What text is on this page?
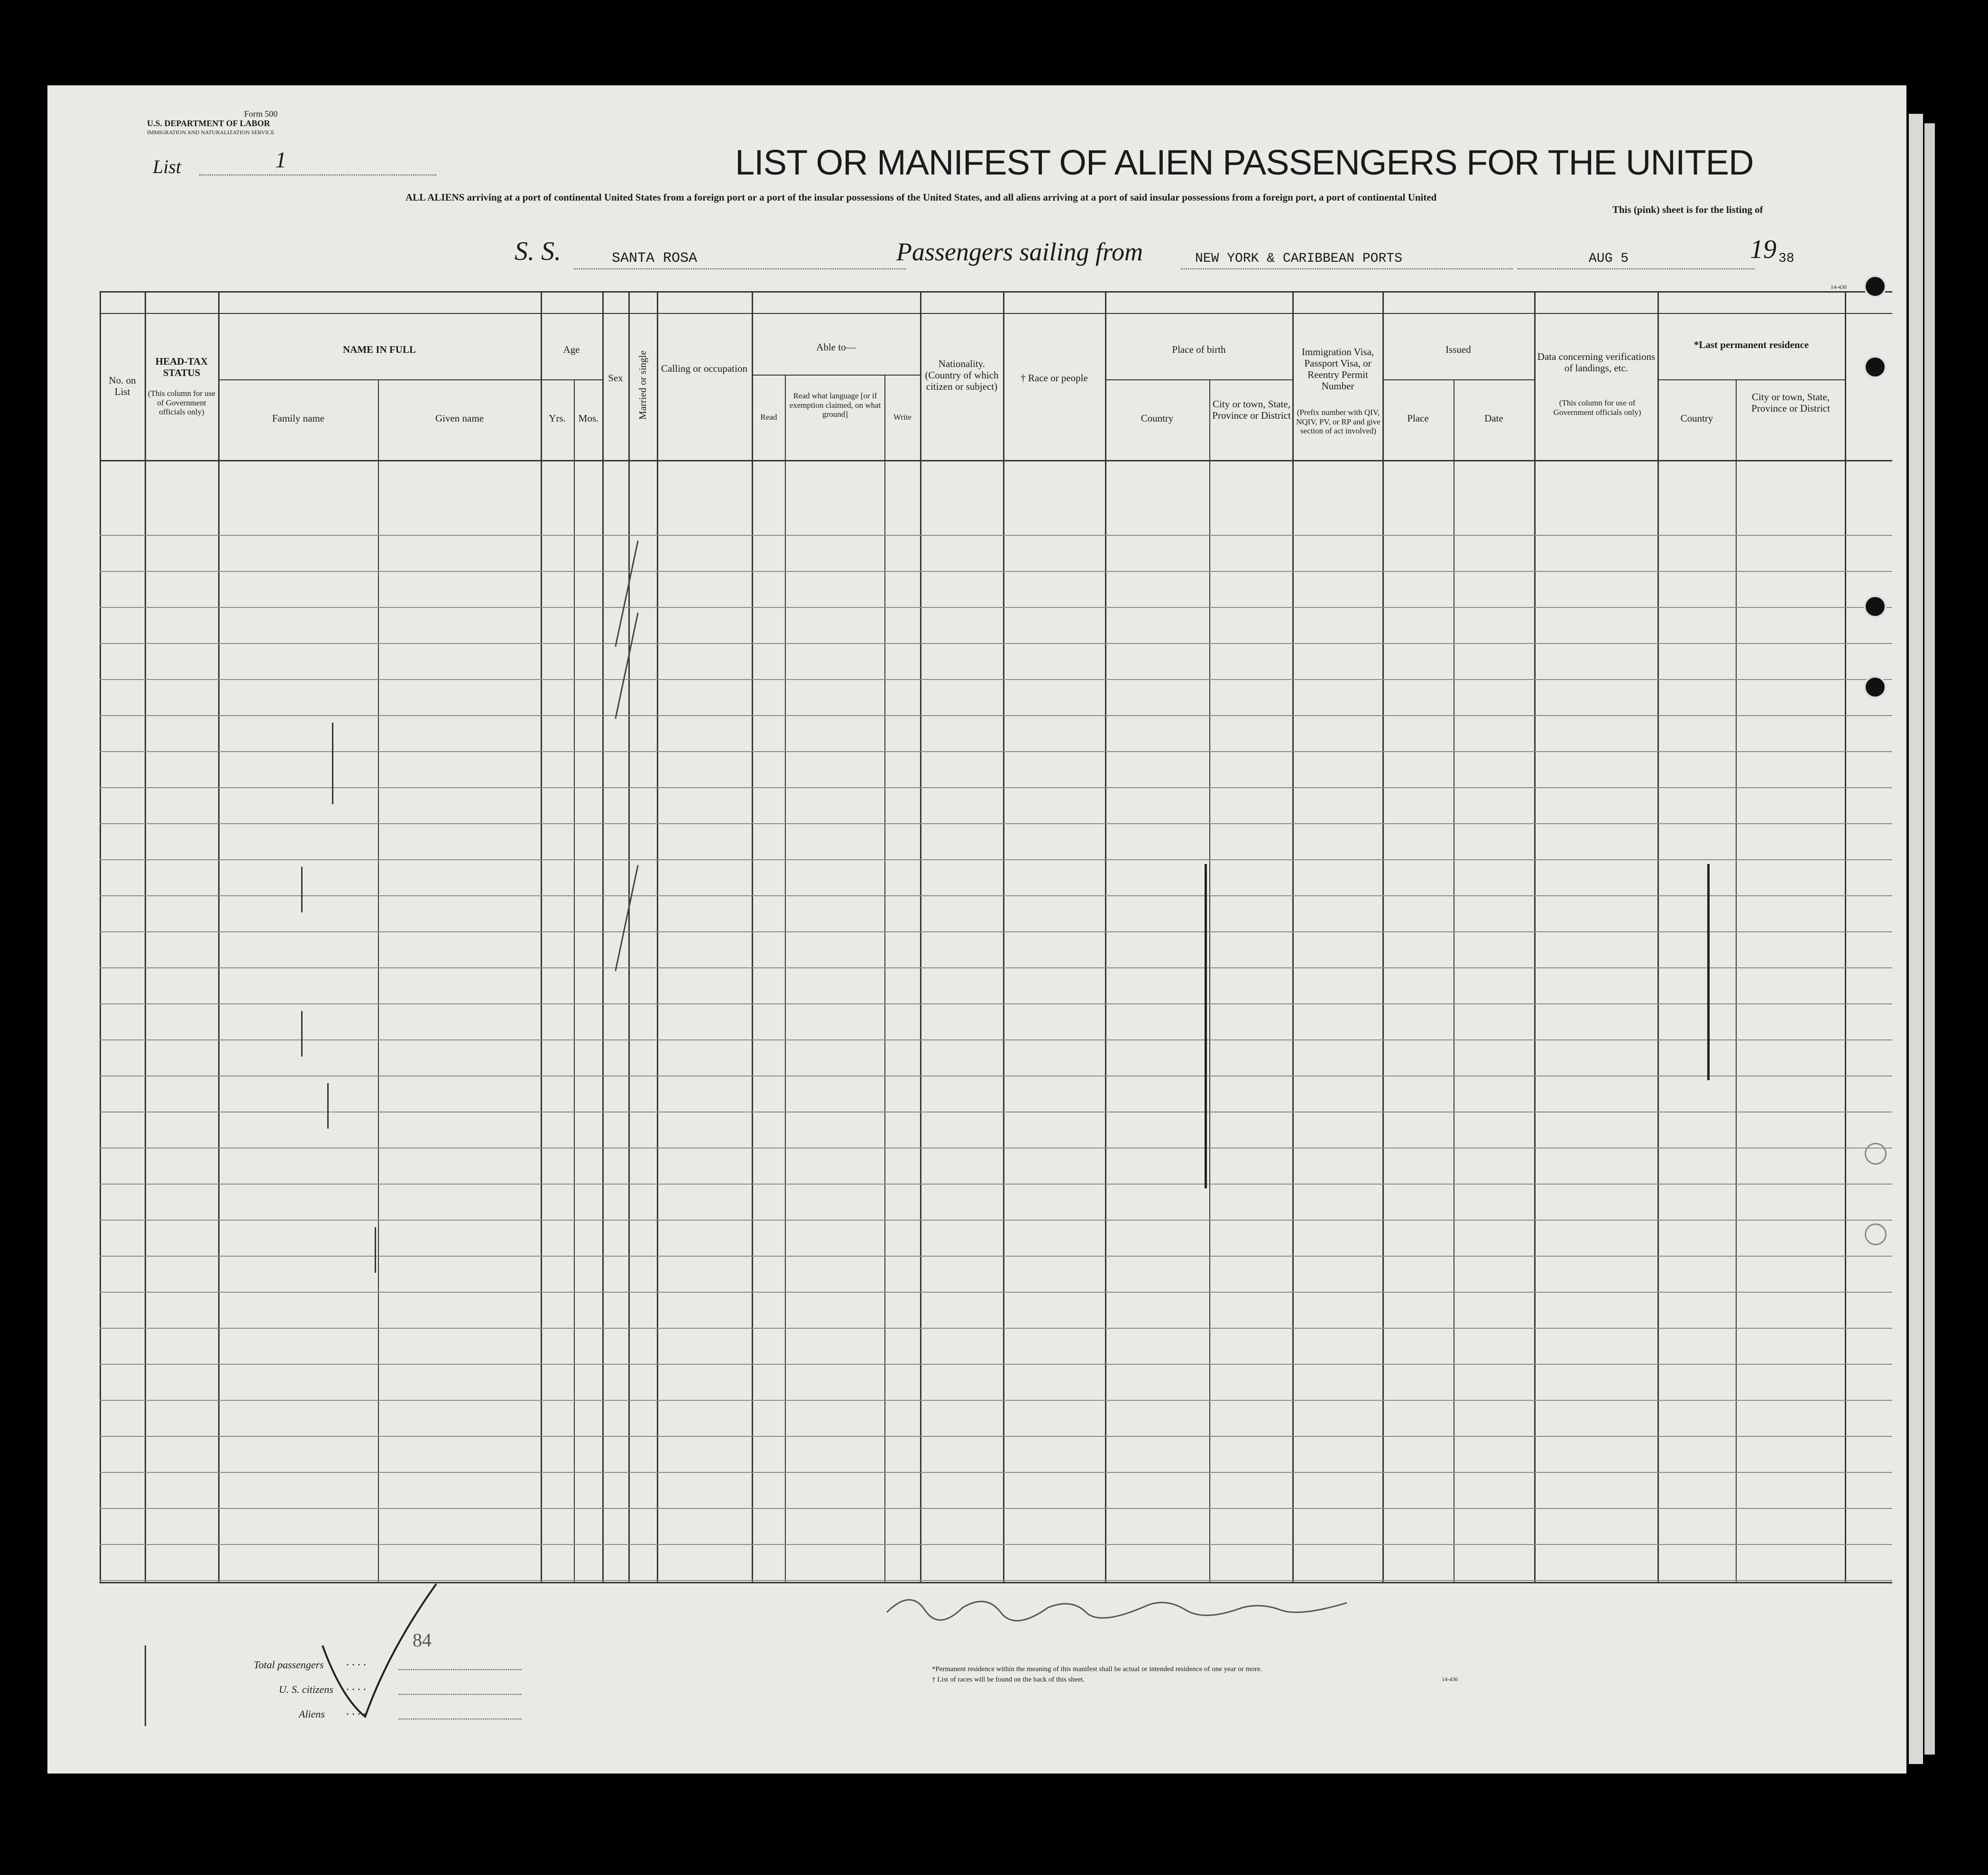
Form 500
U.S. DEPARTMENT OF LABOR
IMMIGRATION AND NATURALIZATION SERVICE
List	1	LIST OR MANIFEST OF ALIEN PASSENGERS FOR THE UNITED
ALL ALIENS arriving at a port of continental United States from a foreign port or a port of the insular possessions of the United States, and all aliens arriving at a port of said insular possessions from a foreign port, a port of continental United
This (pink) sheet is for the listing of
S. S.	SANTA ROSA	Passengers sailing from	NEW YORK & CARIBBEAN PORTS	AUG 5	19 38
14-430
No. on List
HEAD-TAX STATUS
(This column for use of Government officials only)
NAME IN FULL
Family name	Given name
Age
Yrs.	Mos.
Sex	Married or single	Calling or occupation
Able to—
Read
Read what language [or if exemption claimed, on what ground]	Write
Nationality. (Country of which citizen or subject)
† Race or people
Place of birth
Country
City or town, State, Province or District
Immigration Visa, Passport Visa, or Reentry Permit Number
(Prefix number with QIV, NQIV, PV, or RP and give section of act involved)
Issued
Place	Date
Data concerning verifications of landings, etc.
(This column for use of Government officials only)
*Last permanent residence
Country
City or town, State, Province or District
84
Total passengers . . . .
U. S. citizens . . . .
Aliens . . . .
*Permanent residence within the meaning of this manifest shall be actual or intended residence of one year or more.
† List of races will be found on the back of this sheet.	14-430
